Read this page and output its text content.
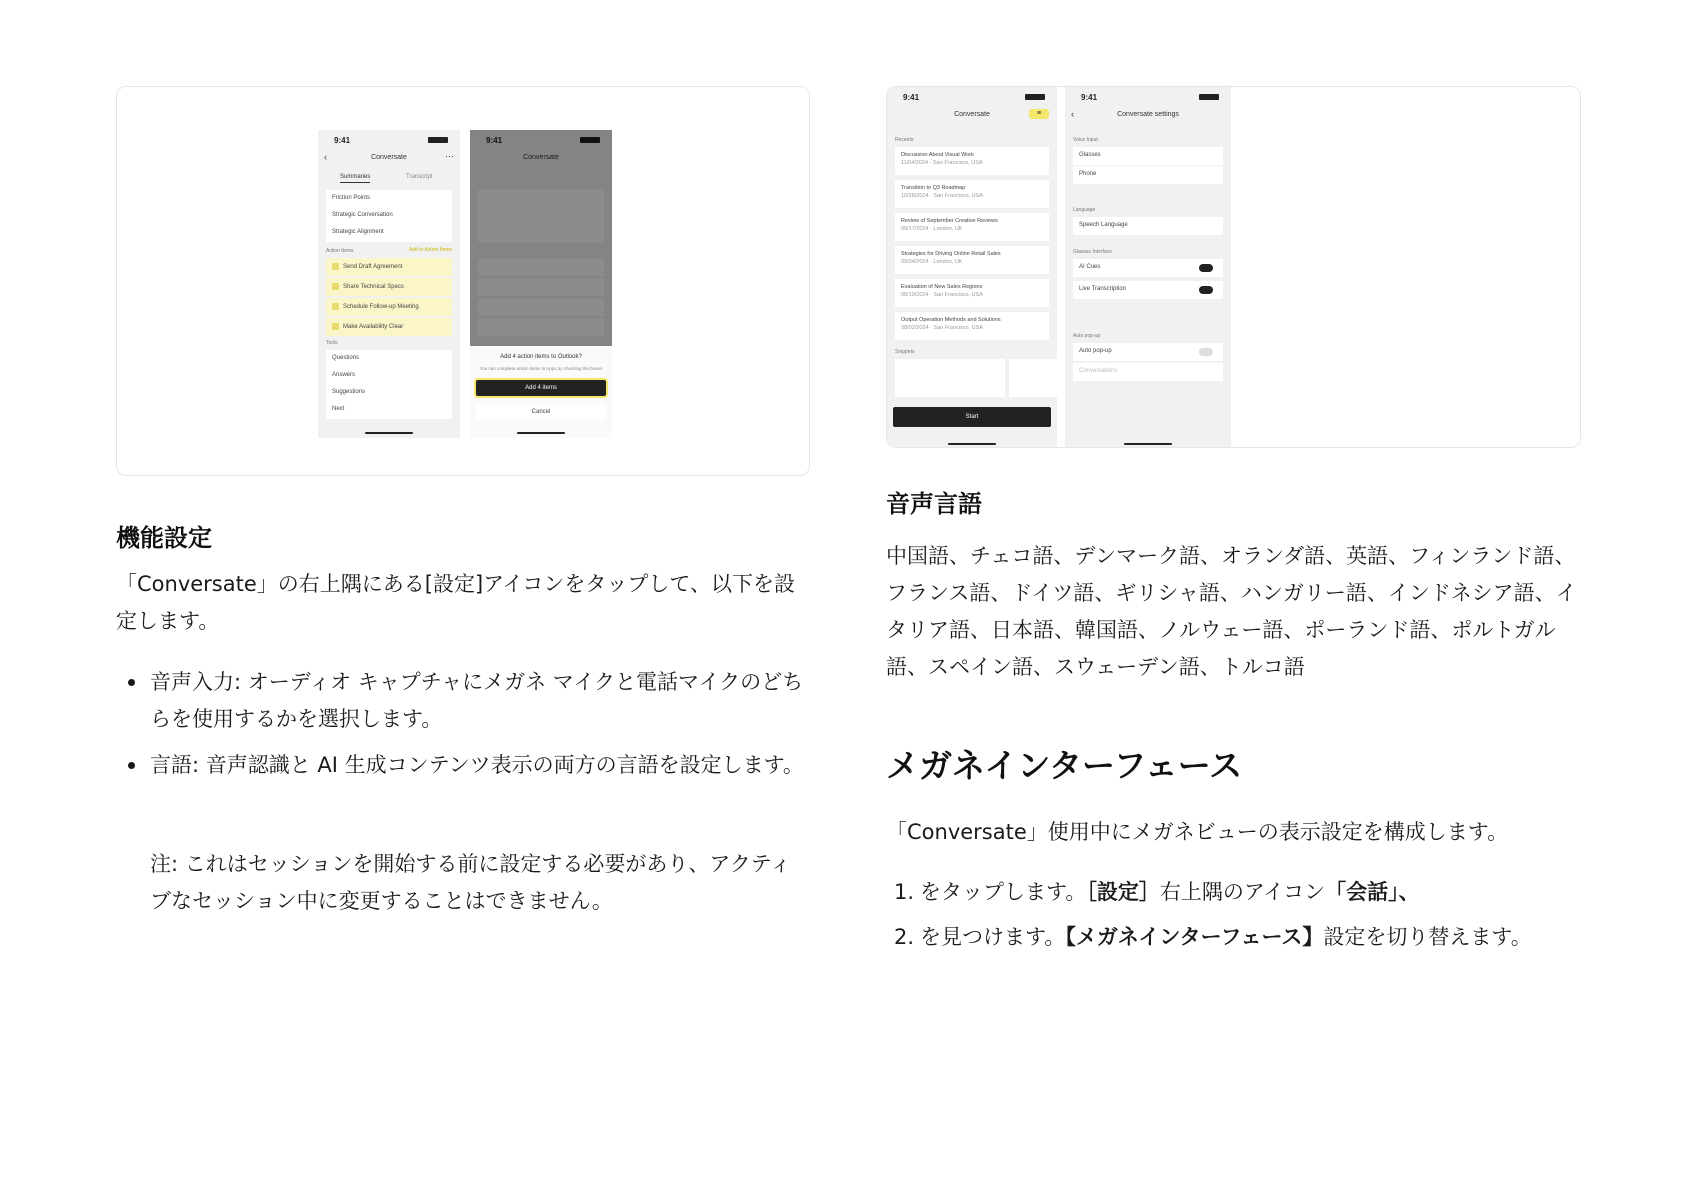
9:41
‹	Conversate	⋯
Summaries	Transcript
Friction Points
Strategic Conversation
Strategic Alignment
Action Items	Add to Action Items
Send Draft Agreement
Share Technical Specs
Schedule Follow-up Meeting
Make Availability Clear
Tools
Questions
Answers
Suggestions
Next
9:41
Conversate
Add 4 action items to Outlook?
You can complete action items in Apps by checking the boxes
Add 4 items
Cancel
9:41
Conversate	≡
Recents
Discussion About Visual Work
11/04/2024 · San Francisco, USA
Transition to Q3 Roadmap
10/28/2024 · San Francisco, USA
Review of September Creative Reviews
09/17/2024 · London, UK
Strategies for Driving Online Retail Sales
09/04/2024 · London, UK
Evaluation of New Sales Regions
08/19/2024 · San Francisco, USA
Output Operation Methods and Solutions
08/02/2024 · San Francisco, USA
Snippets
Start
9:41
‹	Conversate settings
Voice Input
Glasses
Phone
Language
Speech Language
Glasses Interface
AI Cues
Live Transcription
Auto pop-up
Auto pop-up
Conversations
機能設定

「Conversate」の右上隅にある[設定]アイコンをタップして、以下を設定します。

音声入力: オーディオ キャプチャにメガネ マイクと電話マイクのどちらを使用するかを選択します。
言語: 音声認識と AI 生成コンテンツ表示の両方の言語を設定します。

注: これはセッションを開始する前に設定する必要があり、アクティブなセッション中に変更することはできません。

音声言語

中国語、チェコ語、デンマーク語、オランダ語、英語、フィンランド語、フランス語、ドイツ語、ギリシャ語、ハンガリー語、インドネシア語、イタリア語、日本語、韓国語、ノルウェー語、ポーランド語、ポルトガル語、スペイン語、スウェーデン語、トルコ語

メガネインターフェース

「Conversate」使用中にメガネビューの表示設定を構成します。

1. をタップします。［設定］右上隅のアイコン「会話」、
2. を見つけます。【メガネインターフェース】設定を切り替えます。
